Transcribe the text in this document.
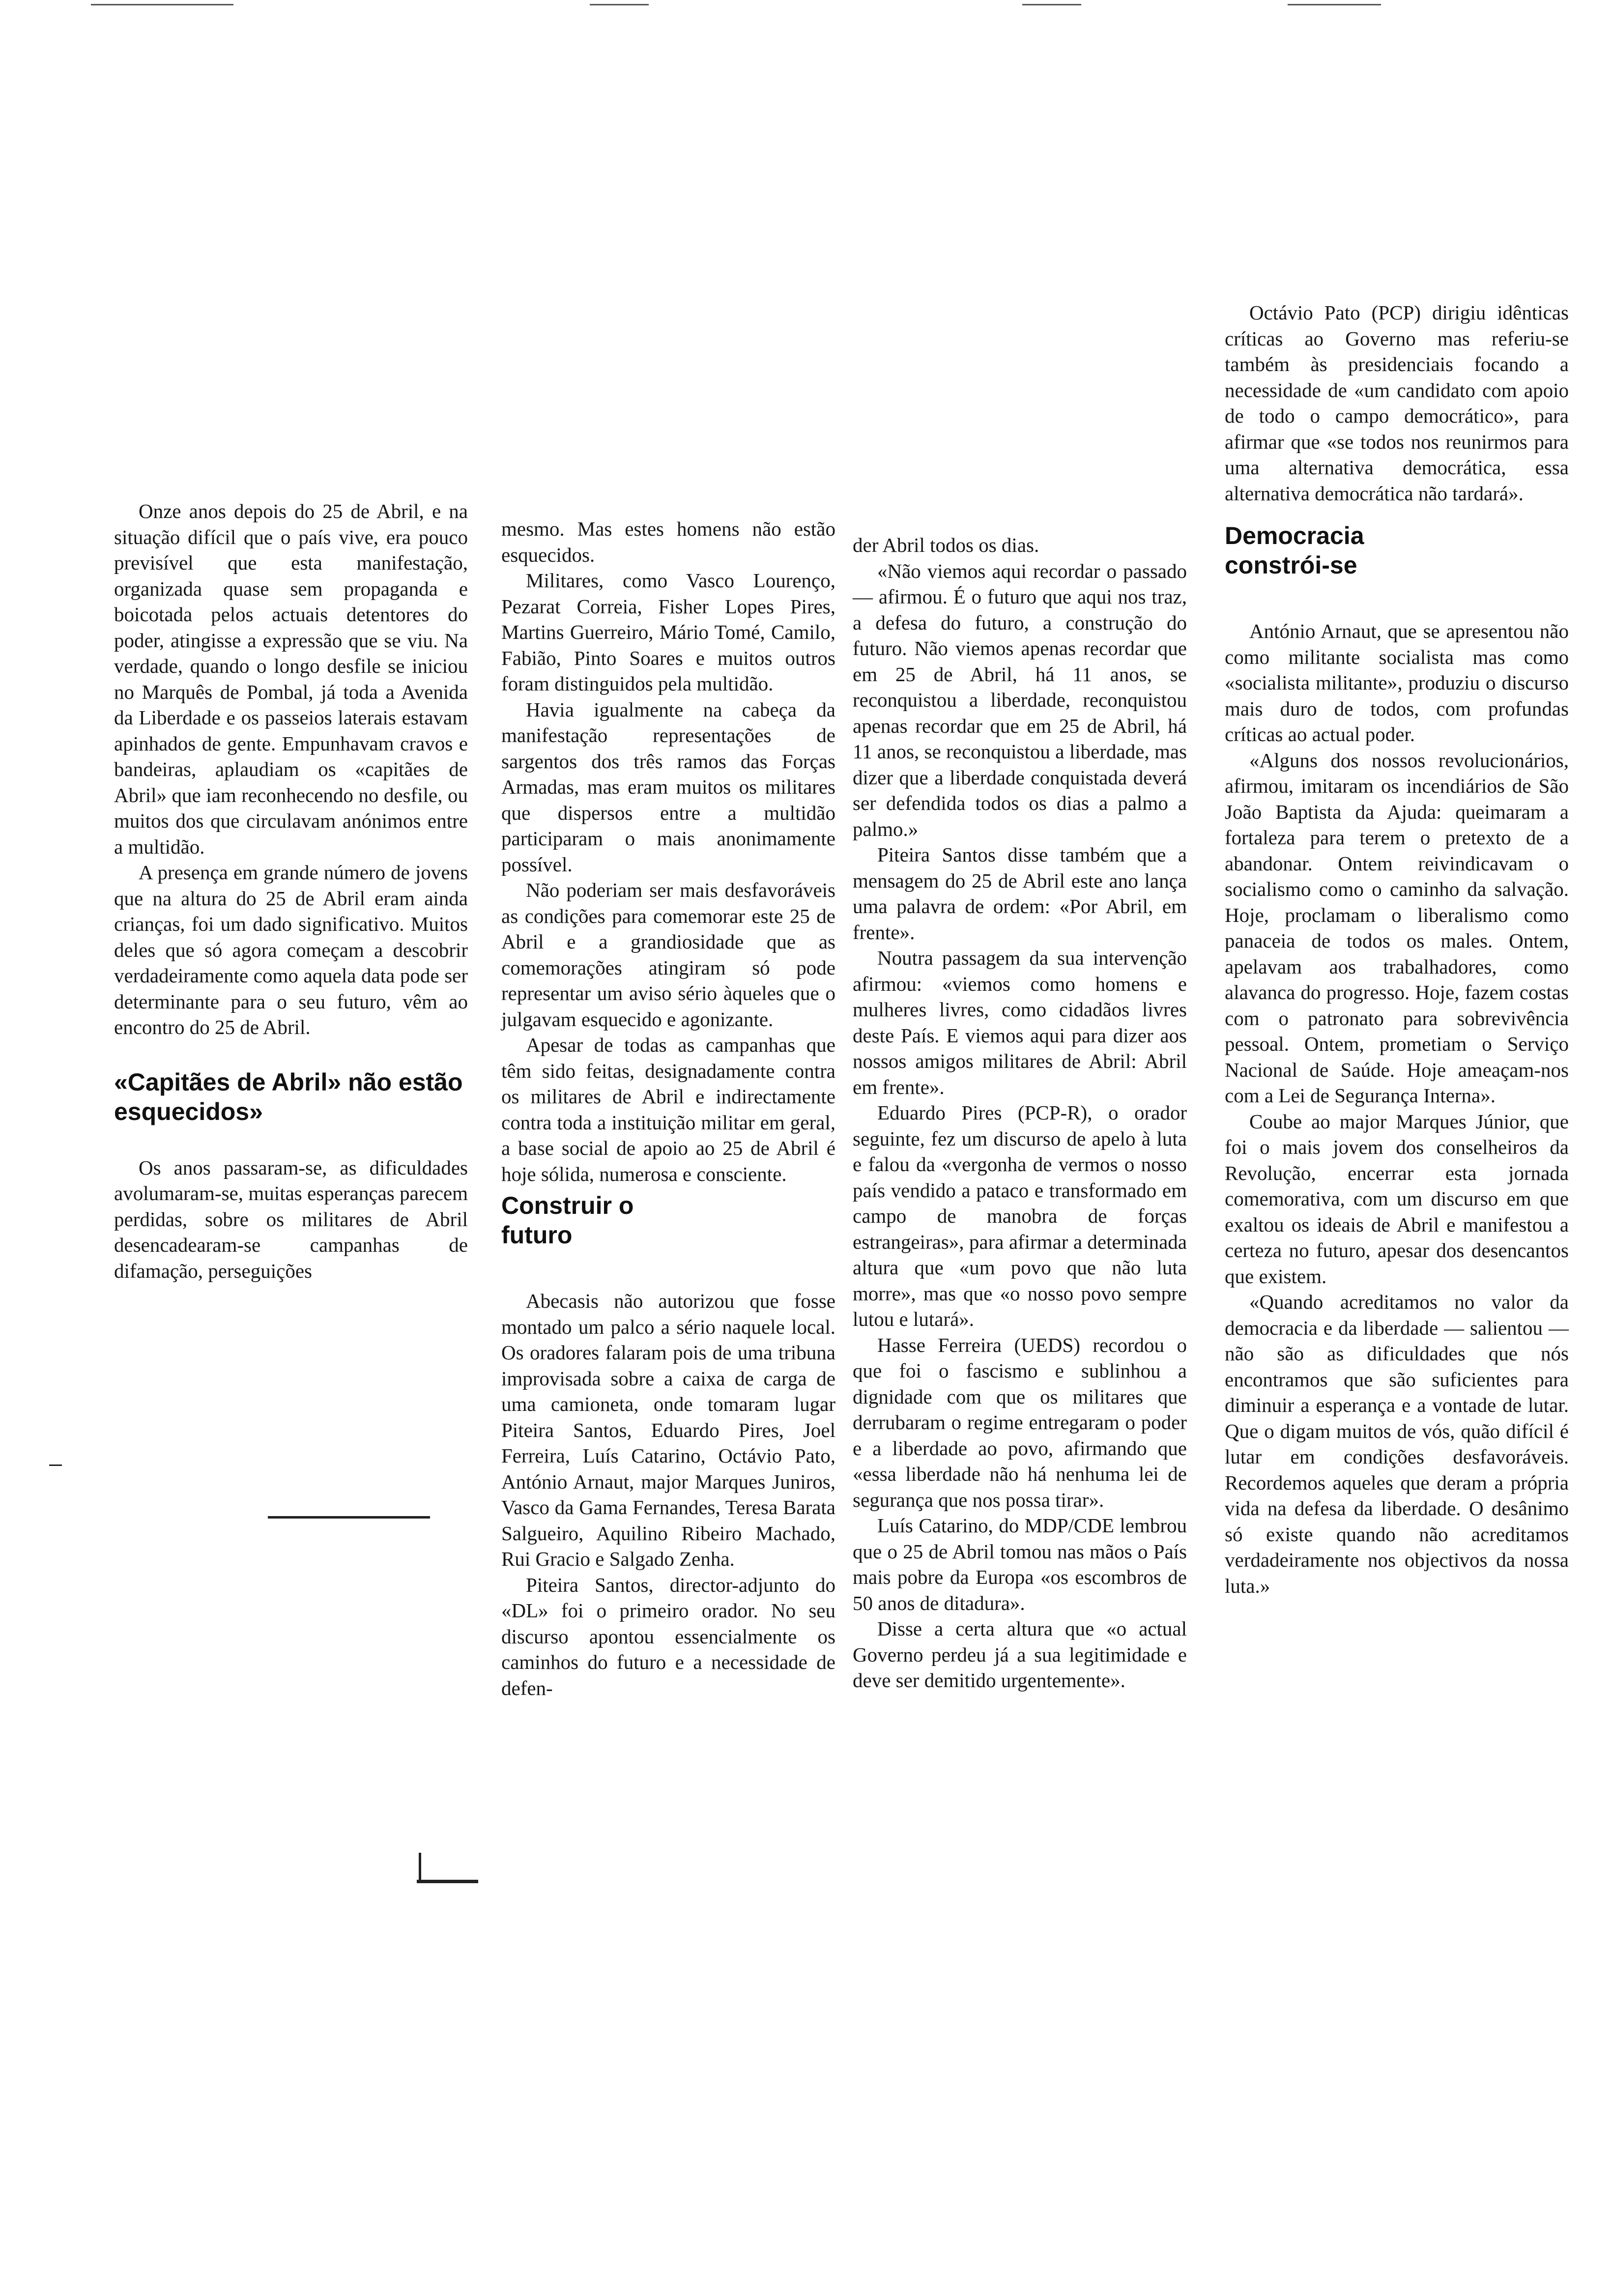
Onze anos depois do 25 de Abril, e na situação difícil que o país vive, era pouco previsível que esta manifestação, organizada quase sem propaganda e boicotada pelos actuais detentores do poder, atingisse a expressão que se viu. Na verdade, quando o longo desfile se iniciou no Marquês de Pombal, já toda a Avenida da Liberdade e os passeios laterais estavam apinhados de gente. Empunhavam cravos e bandeiras, aplaudiam os «capitães de Abril» que iam reconhecendo no desfile, ou muitos dos que circulavam anónimos entre a multidão.

A presença em grande número de jovens que na altura do 25 de Abril eram ainda crianças, foi um dado significativo. Muitos deles que só agora começam a descobrir verdadeiramente como aquela data pode ser determinante para o seu futuro, vêm ao encontro do 25 de Abril.

«Capitães de Abril» não estão esquecidos»

Os anos passaram-se, as dificuldades avolumaram-se, muitas esperanças parecem perdidas, sobre os militares de Abril desencadearam-se campanhas de difamação, perseguições

mesmo. Mas estes homens não estão esquecidos.

Militares, como Vasco Lourenço, Pezarat Correia, Fisher Lopes Pires, Martins Guerreiro, Mário Tomé, Camilo, Fabião, Pinto Soares e muitos outros foram distinguidos pela multidão.

Havia igualmente na cabeça da manifestação representações de sargentos dos três ramos das Forças Armadas, mas eram muitos os militares que dispersos entre a multidão participaram o mais anonimamente possível.

Não poderiam ser mais desfavoráveis as condições para comemorar este 25 de Abril e a grandiosidade que as comemorações atingiram só pode representar um aviso sério àqueles que o julgavam esquecido e agonizante.

Apesar de todas as campanhas que têm sido feitas, designadamente contra os militares de Abril e indirectamente contra toda a instituição militar em geral, a base social de apoio ao 25 de Abril é hoje sólida, numerosa e consciente.

Construir o futuro

Abecasis não autorizou que fosse montado um palco a sério naquele local. Os oradores falaram pois de uma tribuna improvisada sobre a caixa de carga de uma camioneta, onde tomaram lugar Piteira Santos, Eduardo Pires, Joel Ferreira, Luís Catarino, Octávio Pato, António Arnaut, major Marques Juniros, Vasco da Gama Fernandes, Teresa Barata Salgueiro, Aquilino Ribeiro Machado, Rui Gracio e Salgado Zenha.

Piteira Santos, director-adjunto do «DL» foi o primeiro orador. No seu discurso apontou essencialmente os caminhos do futuro e a necessidade de defen-

der Abril todos os dias.

«Não viemos aqui recordar o passado — afirmou. É o futuro que aqui nos traz, a defesa do futuro, a construção do futuro. Não viemos apenas recordar que em 25 de Abril, há 11 anos, se reconquistou a liberdade, reconquistou apenas recordar que em 25 de Abril, há 11 anos, se reconquistou a liberdade, mas dizer que a liberdade conquistada deverá ser defendida todos os dias a palmo a palmo.»

Piteira Santos disse também que a mensagem do 25 de Abril este ano lança uma palavra de ordem: «Por Abril, em frente».

Noutra passagem da sua intervenção afirmou: «viemos como homens e mulheres livres, como cidadãos livres deste País. E viemos aqui para dizer aos nossos amigos militares de Abril: Abril em frente».

Eduardo Pires (PCP-R), o orador seguinte, fez um discurso de apelo à luta e falou da «vergonha de vermos o nosso país vendido a pataco e transformado em campo de manobra de forças estrangeiras», para afirmar a determinada altura que «um povo que não luta morre», mas que «o nosso povo sempre lutou e lutará».

Hasse Ferreira (UEDS) recordou o que foi o fascismo e sublinhou a dignidade com que os militares que derrubaram o regime entregaram o poder e a liberdade ao povo, afirmando que «essa liberdade não há nenhuma lei de segurança que nos possa tirar».

Luís Catarino, do MDP/CDE lembrou que o 25 de Abril tomou nas mãos o País mais pobre da Europa «os escombros de 50 anos de ditadura».

Disse a certa altura que «o actual Governo perdeu já a sua legitimidade e deve ser demitido urgentemente».

Octávio Pato (PCP) dirigiu idênticas críticas ao Governo mas referiu-se também às presidenciais focando a necessidade de «um candidato com apoio de todo o campo democrático», para afirmar que «se todos nos reunirmos para uma alternativa democrática, essa alternativa democrática não tardará».

Democracia constrói-se

António Arnaut, que se apresentou não como militante socialista mas como «socialista militante», produziu o discurso mais duro de todos, com profundas críticas ao actual poder.

«Alguns dos nossos revolucionários, afirmou, imitaram os incendiários de São João Baptista da Ajuda: queimaram a fortaleza para terem o pretexto de a abandonar. Ontem reivindicavam o socialismo como o caminho da salvação. Hoje, proclamam o liberalismo como panaceia de todos os males. Ontem, apelavam aos trabalhadores, como alavanca do progresso. Hoje, fazem costas com o patronato para sobrevivência pessoal. Ontem, prometiam o Serviço Nacional de Saúde. Hoje ameaçam-nos com a Lei de Segurança Interna».

Coube ao major Marques Júnior, que foi o mais jovem dos conselheiros da Revolução, encerrar esta jornada comemorativa, com um discurso em que exaltou os ideais de Abril e manifestou a certeza no futuro, apesar dos desencantos que existem.

«Quando acreditamos no valor da democracia e da liberdade — salientou — não são as dificuldades que nós encontramos que são suficientes para diminuir a esperança e a vontade de lutar. Que o digam muitos de vós, quão difícil é lutar em condições desfavoráveis. Recordemos aqueles que deram a própria vida na defesa da liberdade. O desânimo só existe quando não acreditamos verdadeiramente nos objectivos da nossa luta.»
